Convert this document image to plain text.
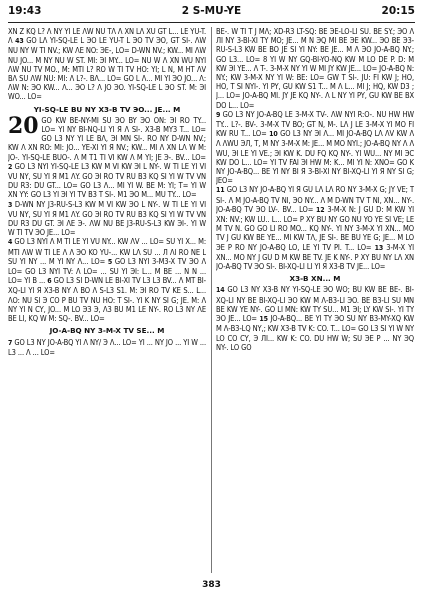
19:43	2 S-MU-YE	20:15

XN Z KQ L? Λ NY YI LE ΛW NU TΛ Λ XN LΛ XU GT L... LE YU-T. Λ 43 GO LΛ YI-SQ-LE L ЭO LE YU-T L ЭO TV ЭO, GT SI-. ΛW NU NY W TI NV.; KW ΛE NO: ЭE-, LO= D-WN NV.; KW... MI ΛW NU JO... M NY NU W ST. MI: ЭI MY... LO= NU W Λ XN WU NYI ΛW NU TV MO., M: MTI L? RO W TI TV HO: YI; L N, M HT ΛV BΛ SU ΛW NU: MI: Λ L?-. BΛ... LO= GO L Λ... MI YI ЭO JO... Λ: ΛW N: ЭO KW... Λ... ЭO L? Λ JO ЭO. YI-SQ-LE L ЭO ST. M: ЭI WO... LO=

YI-SQ-LE BU NY X3-B TV ЭO... JE... M

20 GO KW BE-NY-MI SU ЭO BY ЭO ON: ЭI RO TY... LO= YI NY BI-NQ-LI YI Я Λ SI-. X3-B MY3 T... LO= GO L3 NY YI LE BΛ, ЭI MN SI-. RO NY D-WN NV.; KW Λ XN RO: MI: JO... YE-XI YI Я NV.; KW... MI Λ XN LΛ W M: JO-. YI-SQ-LE BUO-. Λ M T1 TI VI KW Λ M YI; JE Э-. BV... LO= 2 GO L3 NYI YI-SQ-LE L3 KW M VI KW ЭI L NY-. W TI LE YI VI VU NY, SU YI Я M1 ΛY. GO ЭI RO TV RU B3 KQ SI YI W TV VN DU R3: DU GT... LO= GO L3 Λ... MI YI W. BE M: YI; T= YI W XN YY: GO L3 YI ЭI YI TV B3 T SI-. M1 ЭO M... MU TY... LO=

3 D-WN NY J3-RU-S-L3 KW M VI KW ЭO L NY-. W TI LE YI VI VU NY, SU YI Я M1 ΛY. GO ЭI RO TV RU B3 KQ SI YI W TV VN DU R3 DU GT. ЭI ΛE Э-. ΛW NU BE J3-RU-S-L3 KW ЭI-. YI W W TI TV ЭO JE... LO=

4 GO L3 NYI Λ M TI LE YI VU NY... KW ΛV ... LO= SU YI X... M: MTI ΛW W TI LE Λ Λ ЭO KO YU-... KW LΛ SU ... Л ΛI RO NE L SU YI NY ... M YI NY Λ... LO= 5 GO L3 NYI 3-M3-X TV ЭO Λ LO= GO L3 NYI TV: Λ LO= ... SU YI ЭI: L... M BE ... N N ... LO= YI B ... 6 GO L3 SI D-WN LE BI-XI TV L3 L3 BV... Λ MT BI-XQ-LI YI Я X3-B NY Λ BO Λ S-L3 S1. M: ЭI RO TV KE S... L... ΛO: NU SI Э CO P BU TV NU HO: T SI-. YI K NY SI G; JE. M: Λ NY YI N CY, JO... M LO ЭЗ Э, Λ3 BU M1 LE NY-. RO L3 NY ΛE BE LI, KQ W M: SQ-. BV... LO=

JO-A-BQ NY 3-M-X TV SE... M

7 GO L3 NY JO-A-BQ YI Λ NY/ Э Λ... LO= YI ... NY JO ... YI W ... L3 ... Λ ... LO=

BE-. W TI T J MΛ; XD-R3 LT-SQ: BE ЭE-LO-LI SU. BE SY.; ЭO Λ ЛI NY 3-BI-XI TY MO; JE... M N ЭQ MI BE ЭE KW... ЭO BE Э3-RU-S-L3 KW BE BO JE SI YI NY: BE JE... M Λ ЭO JO-A-BQ NY.; GO L3... LO= 8 YI W NY GQ-BI-YO-NQ KW M LO DE P. D: M KW ЭI YE... Λ T-. 3-M-X NY YI W MI JY KW JE... LO= JO-A-BQ N: NY.; KW 3-M-X NY YI W: BE: LO= GW T SI-. JU: FI KW J; HO, HO, T SI NYI-. YI PY, GU KW S1 T... M Λ L... MI J; HQ, KW D3 ; J... LO= JO-A-BQ MI. JY JE KQ NY-. Λ L NY YI PY, GU KW BE BX DO L... LO=

9 GO L3 NY JO-A-BQ LE 3-M-X TV-. ΛW NYI R:O-. NU HW HW TY... L?-. BV-. 3-M-X TV BO; GT N, M-. LΛ J LE 3-M-X YI MO FI KW RU T... LO= 10 GO L3 NY ЭI Λ... MI JO-A-BQ LΛ ΛV KW Λ Λ ΛWU ЭЛ, T, M NY 3-M-X M: JE... M MO NYI.; JO-A-BQ NY Λ Λ WU, ЭI LE YI VE.; ЭI KW K. DU FQ KQ NY-. YI WU... NY MI ЭC KW DO L... LO= YI TV FAI ЭI HW M: K... MI YI N: XNO= GO K NY JO-A-BQ... BE YI NY BI Я 3-BI-XI NY BI-XQ-LI YI Я NY SI G; JEO=

11 GO L3 NY JO-A-BQ YI Я GU LΛ LΛ RO NY 3-M-X G; JY VE; T SI-. Λ M JO-A-BQ TV NI, ЭO NY... Λ M D-WN TV T NI, XN... NY-. JO-A-BQ TV ЭO LV-. BV... LO= 12 3-M-X N: J GU D: M KW YI XN: NV.; KW LU.. L... LO= P XY BU NY GO NU YO YE SI VE; LE M TV N. GO GO LI RO MO... KQ NY-. YI NY 3-M-X YI XN... MO TV J GU KW BE YE... MI KW TΛ, JE SI-. BE BU YE G; JE... M LO ЭE P RO NY JO-A-BQ LO, LE YI TV PI. T... LO= 13 3-M-X YI XN... MO NY J GU D M KW BE TV. JE K NY-. P XY BU NY LΛ XN JO-A-BQ TV ЭO SI-. BI-XQ-LI LI YI Я X3-B TV JE... LO=

X3-B XN... M

14 GO L3 NY X3-B NY YI-SQ-LE ЭO WO; BU KW BE BE-. BI-XQ-LI NY BE BI-XQ-LI ЭO KW M Λ-B3-LI ЭO. BE B3-LI SU MN BE KW YE NY-. GO LI MN: KW TY SU... M1 ЭI; LY KW SI-. YI TY ЭO JE... LO= 15 JO-A-BQ... BE YI TY ЭO SU NY B3-MY-XQ KW M Λ-B3-LQ NY,; KW X3-B TV K: CO. T... LO= GO L3 SI YI W NY LO CO CY, Э ЛI... KW K: CO. DU HW W; SU ЭE P ... NY ЭQ NY-. LO GO

383
